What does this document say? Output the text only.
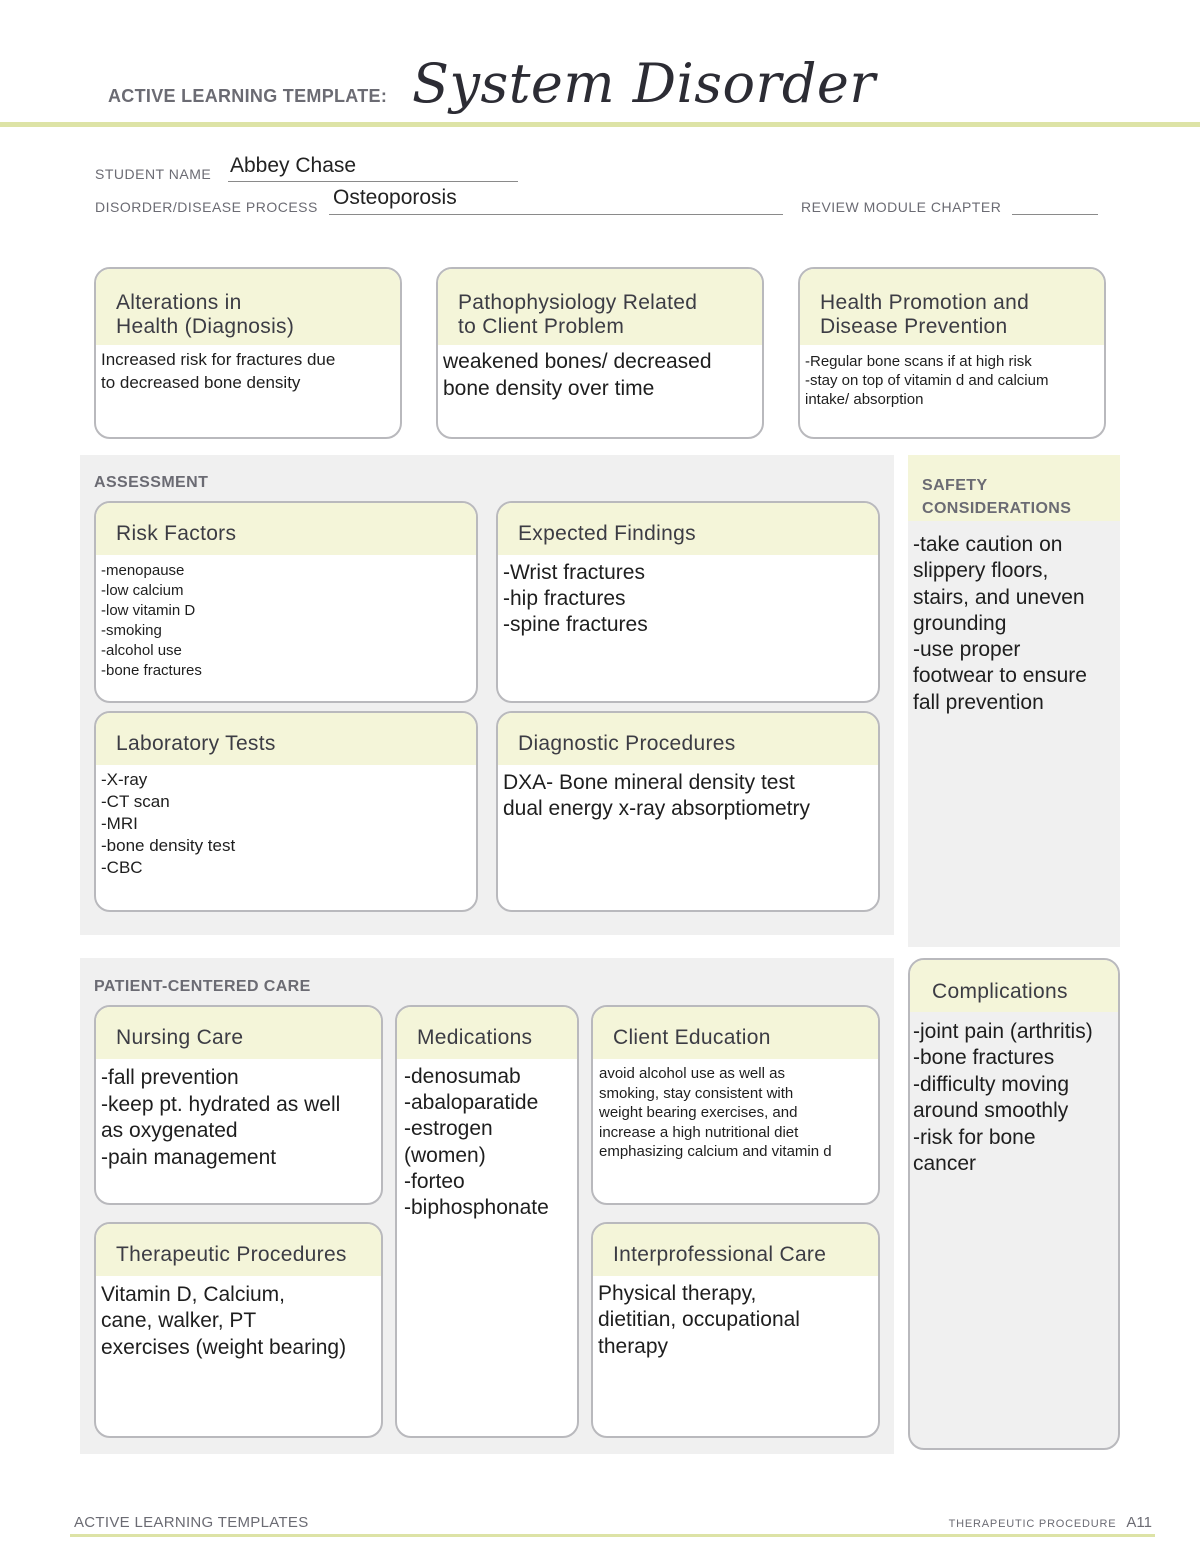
ACTIVE LEARNING TEMPLATE: System Disorder
STUDENT NAME Abbey Chase
DISORDER/DISEASE PROCESS Osteoporosis	REVIEW MODULE CHAPTER
Alterations in
Health (Diagnosis)
Increased risk for fractures due
to decreased bone density
Pathophysiology Related
to Client Problem
weakened bones/ decreased
bone density over time
Health Promotion and
Disease Prevention
-Regular bone scans if at high risk
-stay on top of vitamin d and calcium
intake/ absorption
ASSESSMENT
Risk Factors
-menopause
-low calcium
-low vitamin D
-smoking
-alcohol use
-bone fractures
Expected Findings
-Wrist fractures
-hip fractures
-spine fractures
Laboratory Tests
-X-ray
-CT scan
-MRI
-bone density test
-CBC
Diagnostic Procedures
DXA- Bone mineral density test
dual energy x-ray absorptiometry
SAFETY
CONSIDERATIONS
-take caution on
slippery floors,
stairs, and uneven
grounding
-use proper
footwear to ensure
fall prevention
PATIENT-CENTERED CARE
Nursing Care
-fall prevention
-keep pt. hydrated as well
as oxygenated
-pain management
Medications
-denosumab
-abaloparatide
-estrogen
(women)
-forteo
-biphosphonate
Client Education
avoid alcohol use as well as
smoking, stay consistent with
weight bearing exercises, and
increase a high nutritional diet
emphasizing calcium and vitamin d
Therapeutic Procedures
Vitamin D, Calcium,
cane, walker, PT
exercises (weight bearing)
Interprofessional Care
Physical therapy,
dietitian, occupational
therapy
Complications
-joint pain (arthritis)
-bone fractures
-difficulty moving
around smoothly
-risk for bone
cancer
ACTIVE LEARNING TEMPLATES	THERAPEUTIC PROCEDURE A11
